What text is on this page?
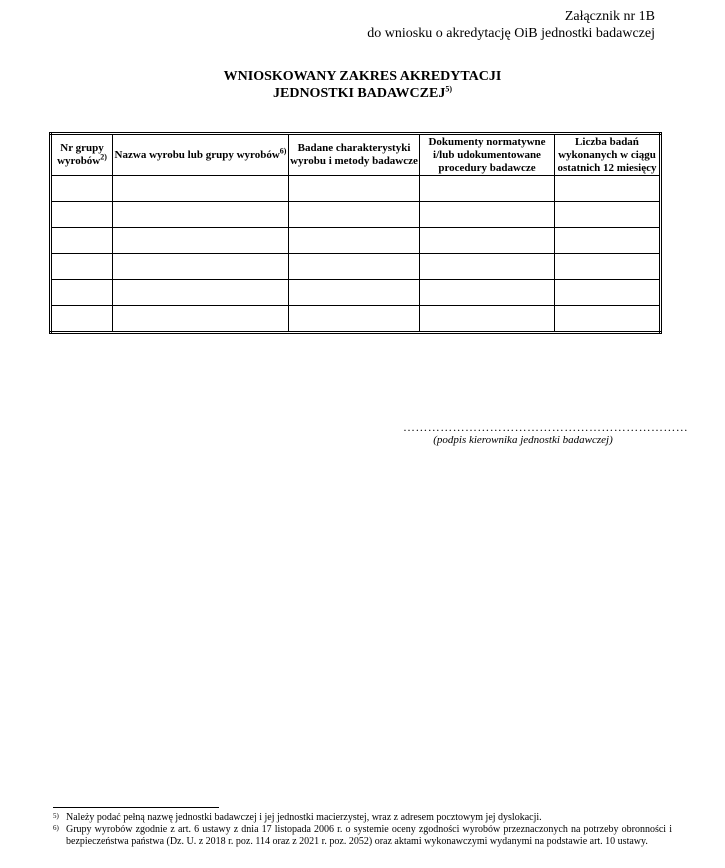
Załącznik nr 1B
do wniosku o akredytację OiB jednostki badawczej
WNIOSKOWANY ZAKRES AKREDYTACJI
JEDNOSTKI BADAWCZEJ$^{5)}$
Nr grupy wyrobów$^{2)}$	Nazwa wyrobu lub grupy wyrobów$^{6)}$	Badane charakterystyki wyrobu i metody badawcze	Dokumenty normatywne i/lub udokumentowane procedury badawcze	Liczba badań wykonanych w ciągu ostatnich 12 miesięcy

……………………………………………………………
(podpis kierownika jednostki badawczej)
5) Należy podać pełną nazwę jednostki badawczej i jej jednostki macierzystej, wraz z adresem pocztowym jej dyslokacji.
6) Grupy wyrobów zgodnie z art. 6 ustawy z dnia 17 listopada 2006 r. o systemie oceny zgodności wyrobów przeznaczonych na potrzeby obronności i bezpieczeństwa państwa (Dz. U. z 2018 r. poz. 114 oraz z 2021 r. poz. 2052) oraz aktami wykonawczymi wydanymi na podstawie art. 10 ustawy.
